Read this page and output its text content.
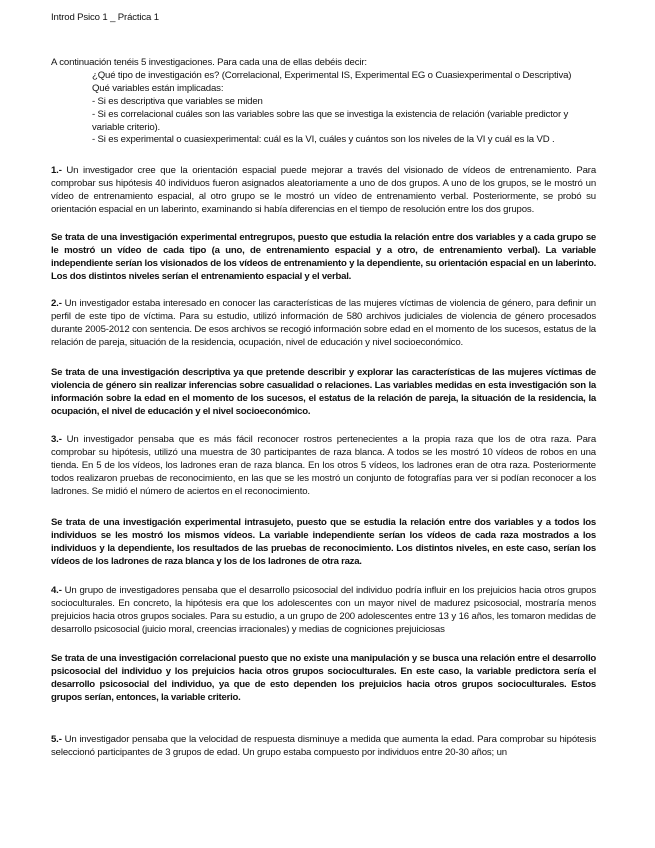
Introd Psico 1 _ Práctica 1

A continuación tenéis 5 investigaciones. Para cada una de ellas debéis decir:

¿Qué tipo de investigación es? (Correlacional, Experimental IS, Experimental EG o Cuasiexperimental o Descriptiva)

Qué variables están implicadas:

- Si es descriptiva que variables se miden

- Si es correlacional cuáles son las variables sobre las que se investiga la existencia de relación (variable predictor y variable criterio).

- Si es experimental o cuasiexperimental: cuál es la VI, cuáles y cuántos son los niveles de la VI y cuál es la VD .

1.- Un investigador cree que la orientación espacial puede mejorar a través del visionado de vídeos de entrenamiento. Para comprobar sus hipótesis 40 individuos fueron asignados aleatoriamente a uno de dos grupos. A uno de los grupos, se le mostró un vídeo de entrenamiento espacial, al otro grupo se le mostró un vídeo de entrenamiento verbal. Posteriormente, se probó su orientación espacial en un laberinto, examinando si había diferencias en el tiempo de resolución entre los dos grupos.

Se trata de una investigación experimental entregrupos, puesto que estudia la relación entre dos variables y a cada grupo se le mostró un vídeo de cada tipo (a uno, de entrenamiento espacial y a otro, de entrenamiento verbal). La variable independiente serían los visionados de los vídeos de entrenamiento y la dependiente, su orientación espacial en un laberinto. Los dos distintos niveles serían el entrenamiento espacial y el verbal.

2.- Un investigador estaba interesado en conocer las características de las mujeres víctimas de violencia de género, para definir un perfil de este tipo de víctima. Para su estudio, utilizó información de 580 archivos judiciales de violencia de género procesados durante 2005-2012 con sentencia. De esos archivos se recogió información sobre edad en el momento de los sucesos, estatus de la relación de pareja, situación de la residencia, ocupación, nivel de educación y nivel socioeconómico.

Se trata de una investigación descriptiva ya que pretende describir y explorar las características de las mujeres víctimas de violencia de género sin realizar inferencias sobre casualidad o relaciones. Las variables medidas en esta investigación son la información sobre la edad en el momento de los sucesos, el estatus de la relación de pareja, la situación de la residencia, la ocupación, el nivel de educación y el nivel socioeconómico.

3.- Un investigador pensaba que es más fácil reconocer rostros pertenecientes a la propia raza que los de otra raza. Para comprobar su hipótesis, utilizó una muestra de 30 participantes de raza blanca. A todos se les mostró 10 vídeos de robos en una tienda. En 5 de los vídeos, los ladrones eran de raza blanca. En los otros 5 vídeos, los ladrones eran de otra raza. Posteriormente todos realizaron pruebas de reconocimiento, en las que se les mostró un conjunto de fotografías para ver si podían reconocer a los ladrones. Se midió el número de aciertos en el reconocimiento.

Se trata de una investigación experimental intrasujeto, puesto que se estudia la relación entre dos variables y a todos los individuos se les mostró los mismos vídeos. La variable independiente serían los vídeos de cada raza mostrados a los individuos y la dependiente, los resultados de las pruebas de reconocimiento. Los distintos niveles, en este caso, serían los vídeos de los ladrones de raza blanca y los de los ladrones de otra raza.

4.- Un grupo de investigadores pensaba que el desarrollo psicosocial del individuo podría influir en los prejuicios hacia otros grupos socioculturales. En concreto, la hipótesis era que los adolescentes con un mayor nivel de madurez psicosocial, mostraría menos prejuicios hacia otros grupos sociales. Para su estudio, a un grupo de 200 adolescentes entre 13 y 16 años, les tomaron medidas de desarrollo psicosocial (juicio moral, creencias irracionales) y medias de cogniciones prejuiciosas

Se trata de una investigación correlacional puesto que no existe una manipulación y se busca una relación entre el desarrollo psicosocial del individuo y los prejuicios hacia otros grupos socioculturales. En este caso, la variable predictora sería el desarrollo psicosocial del individuo, ya que de esto dependen los prejuicios hacia otros grupos socioculturales. Estos grupos serían, entonces, la variable criterio.

5.- Un investigador pensaba que la velocidad de respuesta disminuye a medida que aumenta la edad. Para comprobar su hipótesis seleccionó participantes de 3 grupos de edad. Un grupo estaba compuesto por individuos entre 20-30 años; un
